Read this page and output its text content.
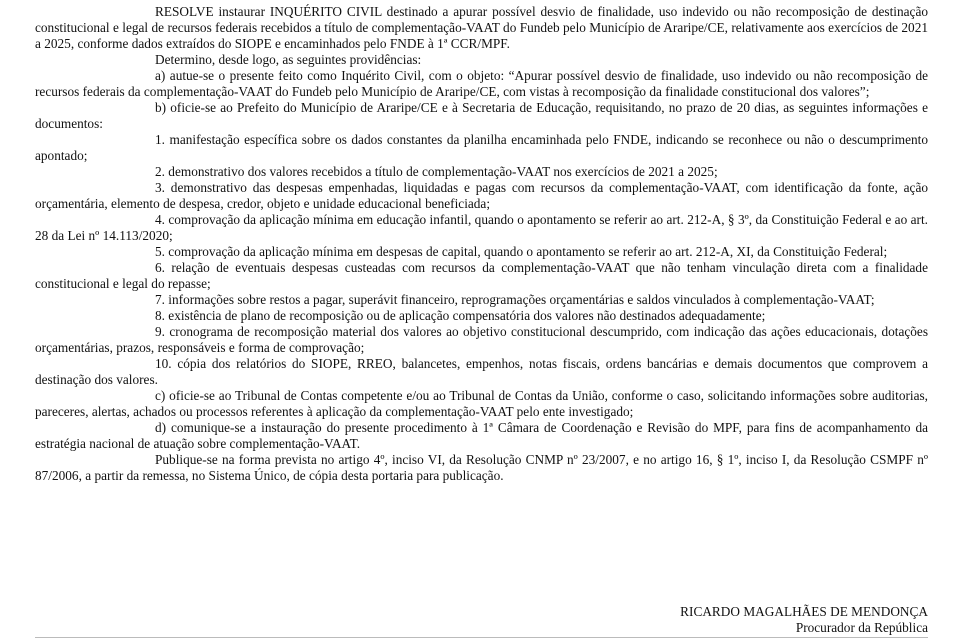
RESOLVE instaurar INQUÉRITO CIVIL destinado a apurar possível desvio de finalidade, uso indevido ou não recomposição de destinação constitucional e legal de recursos federais recebidos a título de complementação-VAAT do Fundeb pelo Município de Araripe/CE, relativamente aos exercícios de 2021 a 2025, conforme dados extraídos do SIOPE e encaminhados pelo FNDE à 1ª CCR/MPF.

Determino, desde logo, as seguintes providências:

a) autue-se o presente feito como Inquérito Civil, com o objeto: “Apurar possível desvio de finalidade, uso indevido ou não recomposição de recursos federais da complementação-VAAT do Fundeb pelo Município de Araripe/CE, com vistas à recomposição da finalidade constitucional dos valores”;

b) oficie-se ao Prefeito do Município de Araripe/CE e à Secretaria de Educação, requisitando, no prazo de 20 dias, as seguintes informações e documentos:

1. manifestação específica sobre os dados constantes da planilha encaminhada pelo FNDE, indicando se reconhece ou não o descumprimento apontado;

2. demonstrativo dos valores recebidos a título de complementação-VAAT nos exercícios de 2021 a 2025;

3. demonstrativo das despesas empenhadas, liquidadas e pagas com recursos da complementação-VAAT, com identificação da fonte, ação orçamentária, elemento de despesa, credor, objeto e unidade educacional beneficiada;

4. comprovação da aplicação mínima em educação infantil, quando o apontamento se referir ao art. 212-A, § 3º, da Constituição Federal e ao art. 28 da Lei nº 14.113/2020;

5. comprovação da aplicação mínima em despesas de capital, quando o apontamento se referir ao art. 212-A, XI, da Constituição Federal;

6. relação de eventuais despesas custeadas com recursos da complementação-VAAT que não tenham vinculação direta com a finalidade constitucional e legal do repasse;

7. informações sobre restos a pagar, superávit financeiro, reprogramações orçamentárias e saldos vinculados à complementação-VAAT;

8. existência de plano de recomposição ou de aplicação compensatória dos valores não destinados adequadamente;

9. cronograma de recomposição material dos valores ao objetivo constitucional descumprido, com indicação das ações educacionais, dotações orçamentárias, prazos, responsáveis e forma de comprovação;

10. cópia dos relatórios do SIOPE, RREO, balancetes, empenhos, notas fiscais, ordens bancárias e demais documentos que comprovem a destinação dos valores.

c) oficie-se ao Tribunal de Contas competente e/ou ao Tribunal de Contas da União, conforme o caso, solicitando informações sobre auditorias, pareceres, alertas, achados ou processos referentes à aplicação da complementação-VAAT pelo ente investigado;

d) comunique-se a instauração do presente procedimento à 1ª Câmara de Coordenação e Revisão do MPF, para fins de acompanhamento da estratégia nacional de atuação sobre complementação-VAAT.

Publique-se na forma prevista no artigo 4º, inciso VI, da Resolução CNMP nº 23/2007, e no artigo 16, § 1º, inciso I, da Resolução CSMPF nº 87/2006, a partir da remessa, no Sistema Único, de cópia desta portaria para publicação.

RICARDO MAGALHÃES DE MENDONÇA
Procurador da República
